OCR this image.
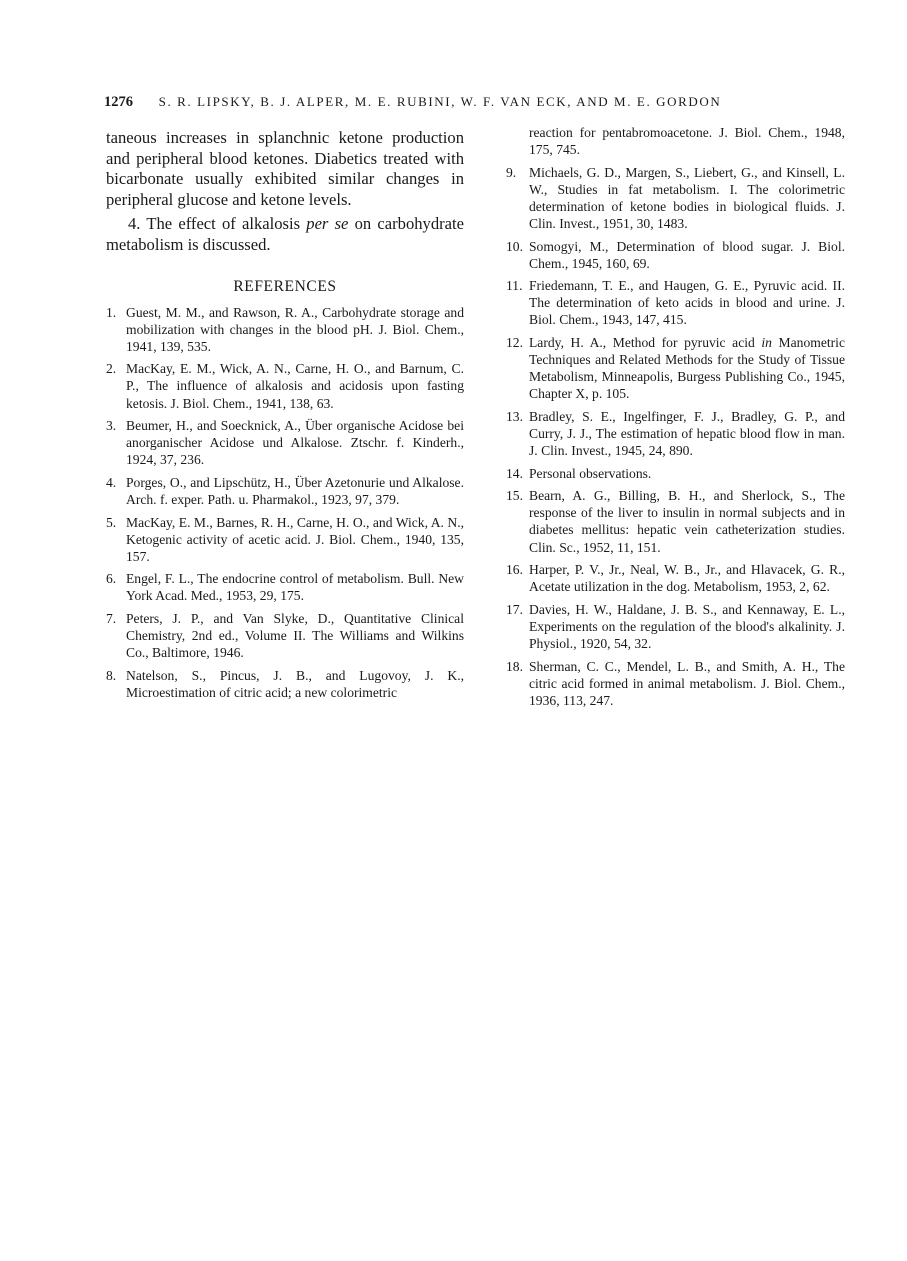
1276 S. R. LIPSKY, B. J. ALPER, M. E. RUBINI, W. F. VAN ECK, AND M. E. GORDON

taneous increases in splanchnic ketone production and peripheral blood ketones. Diabetics treated with bicarbonate usually exhibited similar changes in peripheral glucose and ketone levels.

4. The effect of alkalosis per se on carbohydrate metabolism is discussed.

REFERENCES
1. Guest, M. M., and Rawson, R. A., Carbohydrate storage and mobilization with changes in the blood pH. J. Biol. Chem., 1941, 139, 535.
2. MacKay, E. M., Wick, A. N., Carne, H. O., and Barnum, C. P., The influence of alkalosis and acidosis upon fasting ketosis. J. Biol. Chem., 1941, 138, 63.
3. Beumer, H., and Soecknick, A., Über organische Acidose bei anorganischer Acidose und Alkalose. Ztschr. f. Kinderh., 1924, 37, 236.
4. Porges, O., and Lipschütz, H., Über Azetonurie und Alkalose. Arch. f. exper. Path. u. Pharmakol., 1923, 97, 379.
5. MacKay, E. M., Barnes, R. H., Carne, H. O., and Wick, A. N., Ketogenic activity of acetic acid. J. Biol. Chem., 1940, 135, 157.
6. Engel, F. L., The endocrine control of metabolism. Bull. New York Acad. Med., 1953, 29, 175.
7. Peters, J. P., and Van Slyke, D., Quantitative Clinical Chemistry, 2nd ed., Volume II. The Williams and Wilkins Co., Baltimore, 1946.
8. Natelson, S., Pincus, J. B., and Lugovoy, J. K., Microestimation of citric acid; a new colorimetric
reaction for pentabromoacetone. J. Biol. Chem., 1948, 175, 745.
9. Michaels, G. D., Margen, S., Liebert, G., and Kinsell, L. W., Studies in fat metabolism. I. The colorimetric determination of ketone bodies in biological fluids. J. Clin. Invest., 1951, 30, 1483.
10. Somogyi, M., Determination of blood sugar. J. Biol. Chem., 1945, 160, 69.
11. Friedemann, T. E., and Haugen, G. E., Pyruvic acid. II. The determination of keto acids in blood and urine. J. Biol. Chem., 1943, 147, 415.
12. Lardy, H. A., Method for pyruvic acid in Manometric Techniques and Related Methods for the Study of Tissue Metabolism, Minneapolis, Burgess Publishing Co., 1945, Chapter X, p. 105.
13. Bradley, S. E., Ingelfinger, F. J., Bradley, G. P., and Curry, J. J., The estimation of hepatic blood flow in man. J. Clin. Invest., 1945, 24, 890.
14. Personal observations.
15. Bearn, A. G., Billing, B. H., and Sherlock, S., The response of the liver to insulin in normal subjects and in diabetes mellitus: hepatic vein catheterization studies. Clin. Sc., 1952, 11, 151.
16. Harper, P. V., Jr., Neal, W. B., Jr., and Hlavacek, G. R., Acetate utilization in the dog. Metabolism, 1953, 2, 62.
17. Davies, H. W., Haldane, J. B. S., and Kennaway, E. L., Experiments on the regulation of the blood's alkalinity. J. Physiol., 1920, 54, 32.
18. Sherman, C. C., Mendel, L. B., and Smith, A. H., The citric acid formed in animal metabolism. J. Biol. Chem., 1936, 113, 247.
